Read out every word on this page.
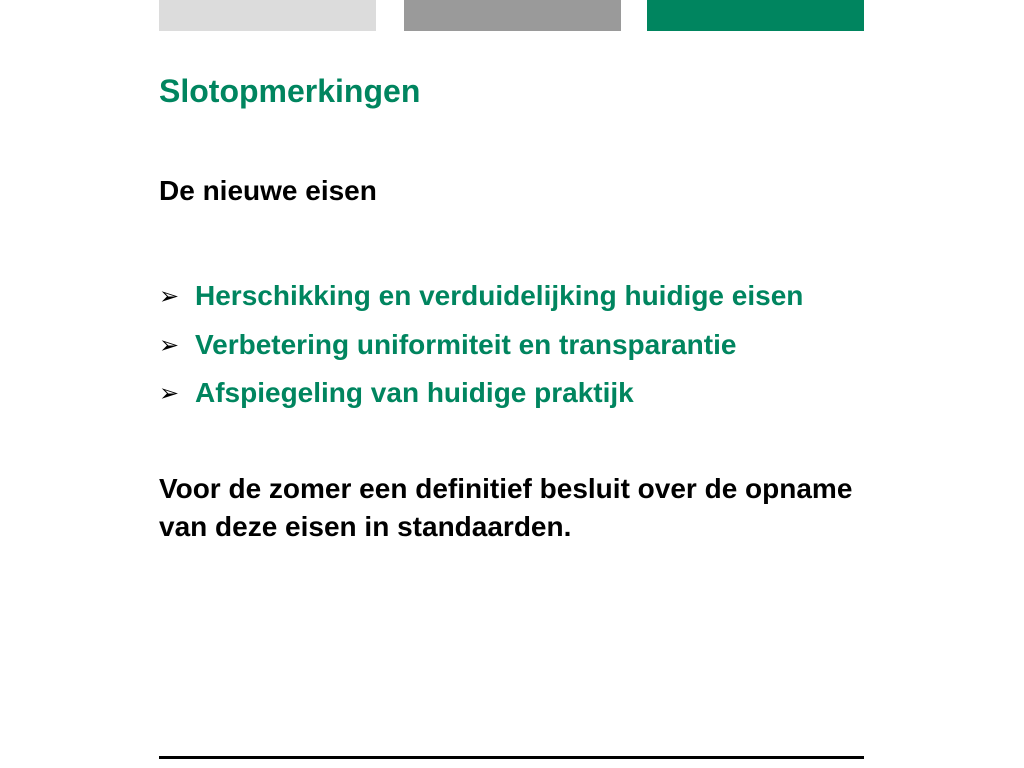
Slotopmerkingen
De nieuwe eisen
➢ Herschikking en verduidelijking huidige eisen
➢ Verbetering uniformiteit en transparantie
➢ Afspiegeling van huidige praktijk

Voor de zomer een definitief besluit over de opname van deze eisen in standaarden.
